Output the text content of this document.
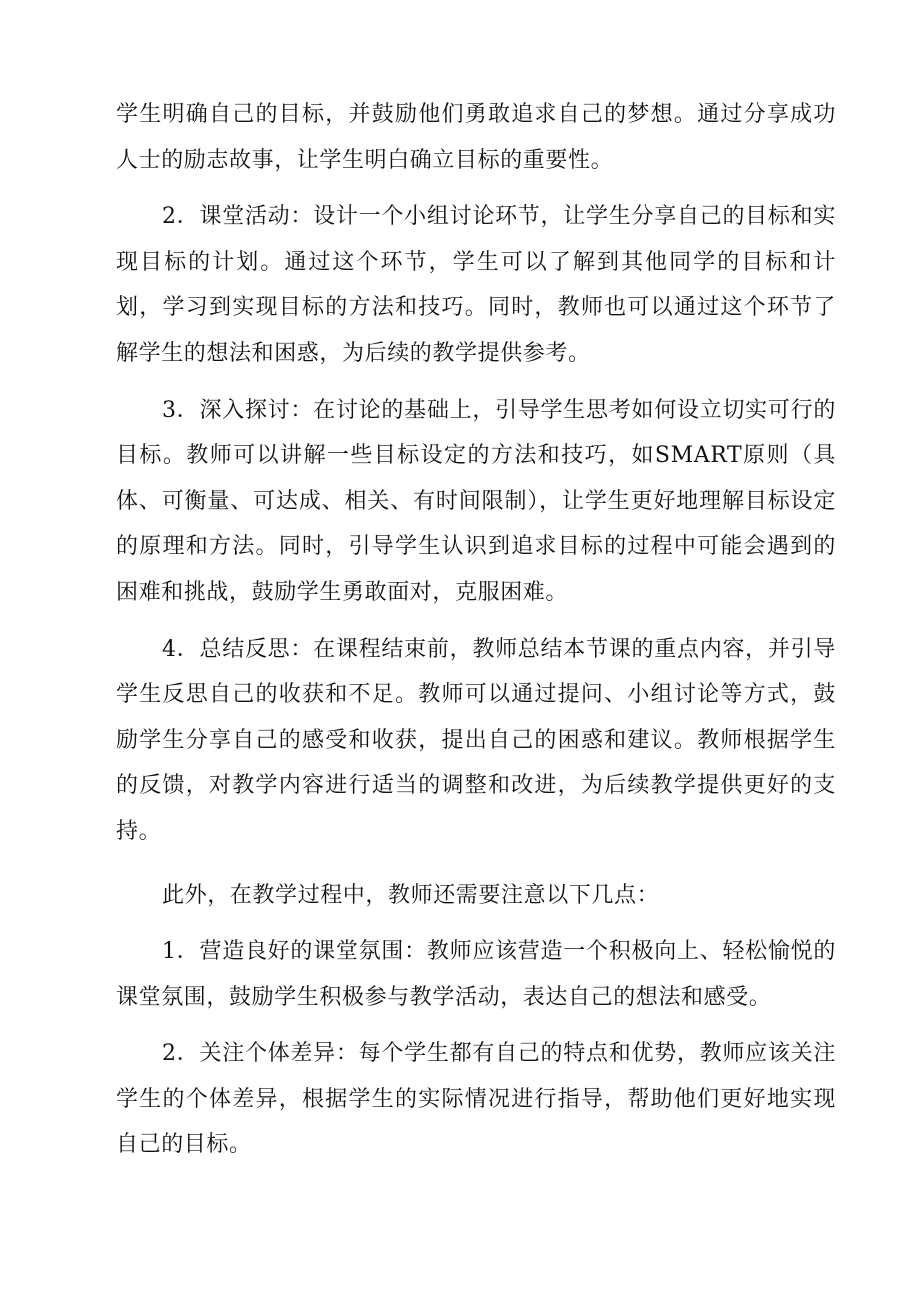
学生明确自己的目标，并鼓励他们勇敢追求自己的梦想。通过分享成功人士的励志故事，让学生明白确立目标的重要性。

2．课堂活动：设计一个小组讨论环节，让学生分享自己的目标和实现目标的计划。通过这个环节，学生可以了解到其他同学的目标和计划，学习到实现目标的方法和技巧。同时，教师也可以通过这个环节了解学生的想法和困惑，为后续的教学提供参考。

3．深入探讨：在讨论的基础上，引导学生思考如何设立切实可行的目标。教师可以讲解一些目标设定的方法和技巧，如SMART原则（具体、可衡量、可达成、相关、有时间限制），让学生更好地理解目标设定的原理和方法。同时，引导学生认识到追求目标的过程中可能会遇到的困难和挑战，鼓励学生勇敢面对，克服困难。

4．总结反思：在课程结束前，教师总结本节课的重点内容，并引导学生反思自己的收获和不足。教师可以通过提问、小组讨论等方式，鼓励学生分享自己的感受和收获，提出自己的困惑和建议。教师根据学生的反馈，对教学内容进行适当的调整和改进，为后续教学提供更好的支持。

此外，在教学过程中，教师还需要注意以下几点：

1．营造良好的课堂氛围：教师应该营造一个积极向上、轻松愉悦的课堂氛围，鼓励学生积极参与教学活动，表达自己的想法和感受。

2．关注个体差异：每个学生都有自己的特点和优势，教师应该关注学生的个体差异，根据学生的实际情况进行指导，帮助他们更好地实现自己的目标。
